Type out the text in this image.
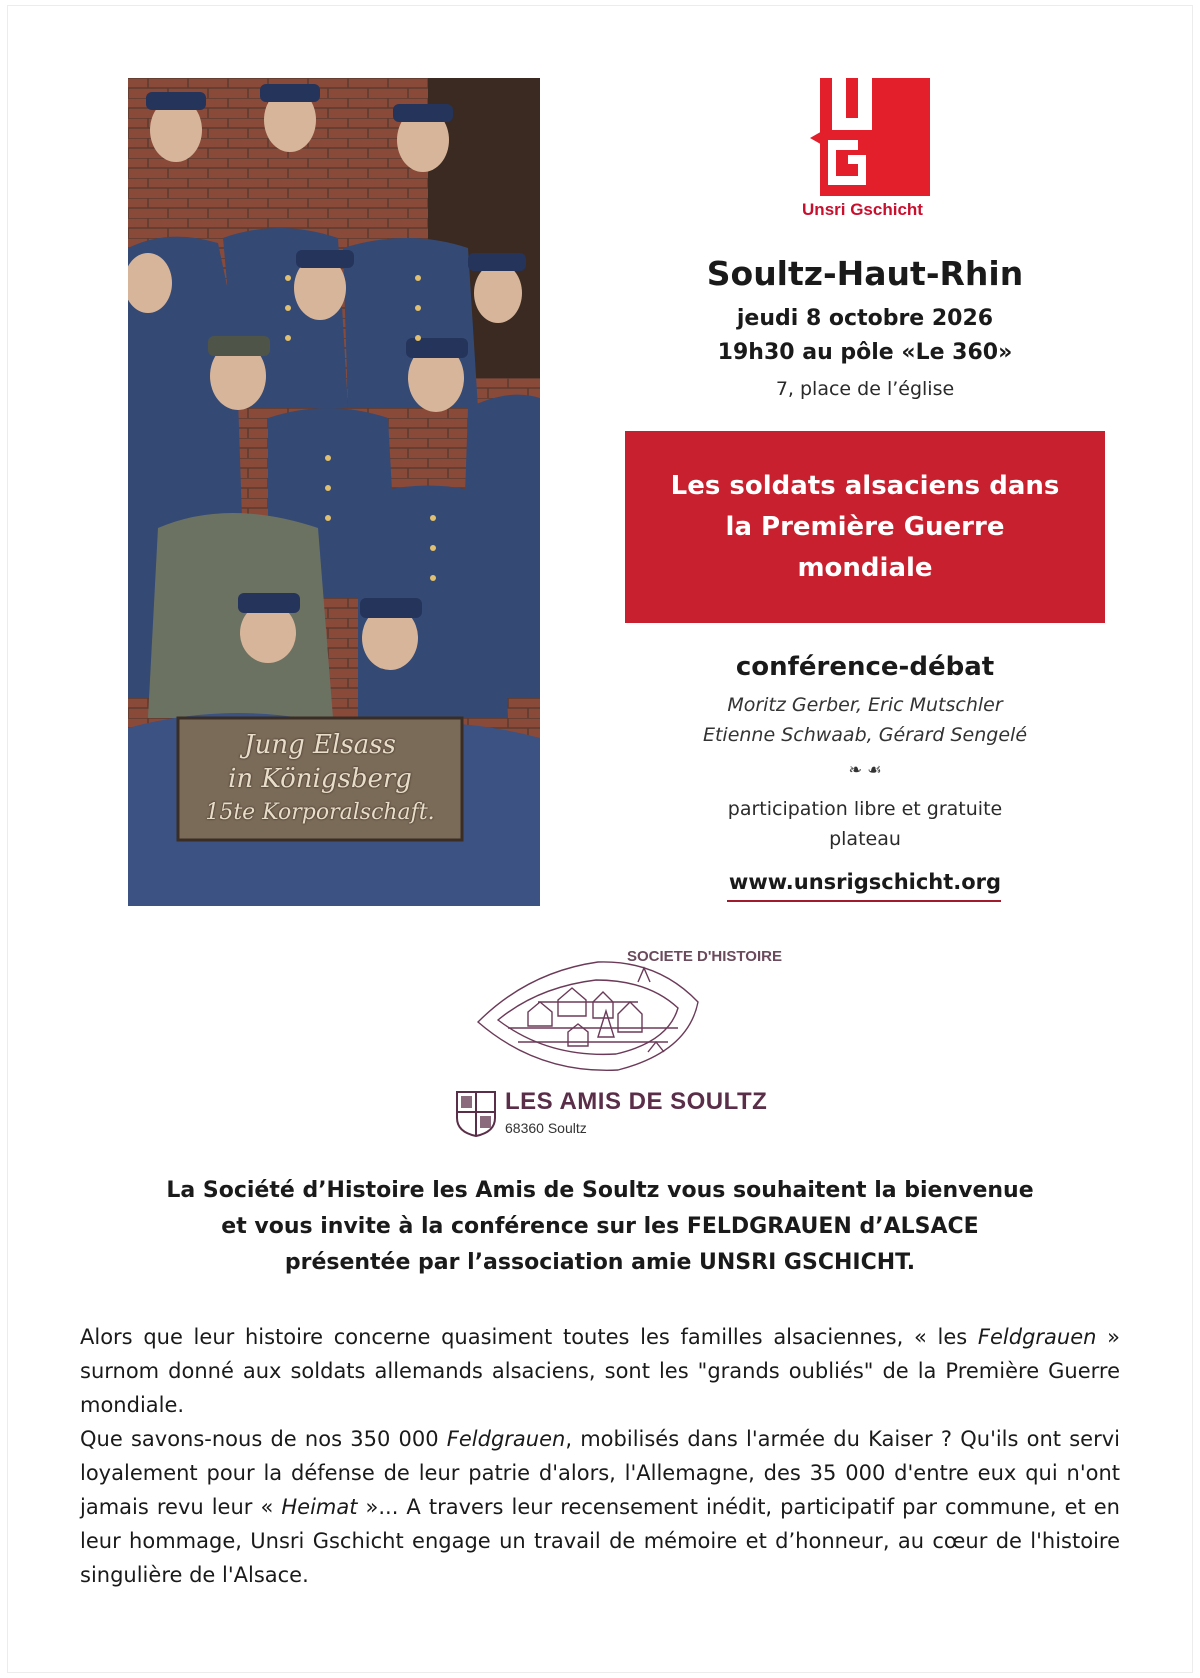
Jung Elsass
in Königsberg
15te Korporalschaft.
Unsri Gschicht
Soultz-Haut-Rhin
jeudi 8 octobre 2026
19h30 au pôle «Le 360»
7, place de l’église
Les soldats alsaciens dans la Première Guerre mondiale
conférence-débat
Moritz Gerber, Eric Mutschler
Etienne Schwaab, Gérard Sengelé
❧ ☙
participation libre et gratuite
plateau
www.unsrigschicht.org
SOCIETE D'HISTOIRE
LES AMIS DE SOULTZ
68360 Soultz
La Société d’Histoire les Amis de Soultz vous souhaitent la bienvenue
et vous invite à la conférence sur les FELDGRAUEN d’ALSACE
présentée par l’association amie UNSRI GSCHICHT.

Alors que leur histoire concerne quasiment toutes les familles alsaciennes, « les Feldgrauen » surnom donné aux soldats allemands alsaciens, sont les "grands oubliés" de la Première Guerre mondiale.

Que savons-nous de nos 350 000 Feldgrauen, mobilisés dans l'armée du Kaiser ? Qu'ils ont servi loyalement pour la défense de leur patrie d'alors, l'Allemagne, des 35 000 d'entre eux qui n'ont jamais revu leur « Heimat »... A travers leur recensement inédit, participatif par commune, et en leur hommage, Unsri Gschicht engage un travail de mémoire et d’honneur, au cœur de l'histoire singulière de l'Alsace.
